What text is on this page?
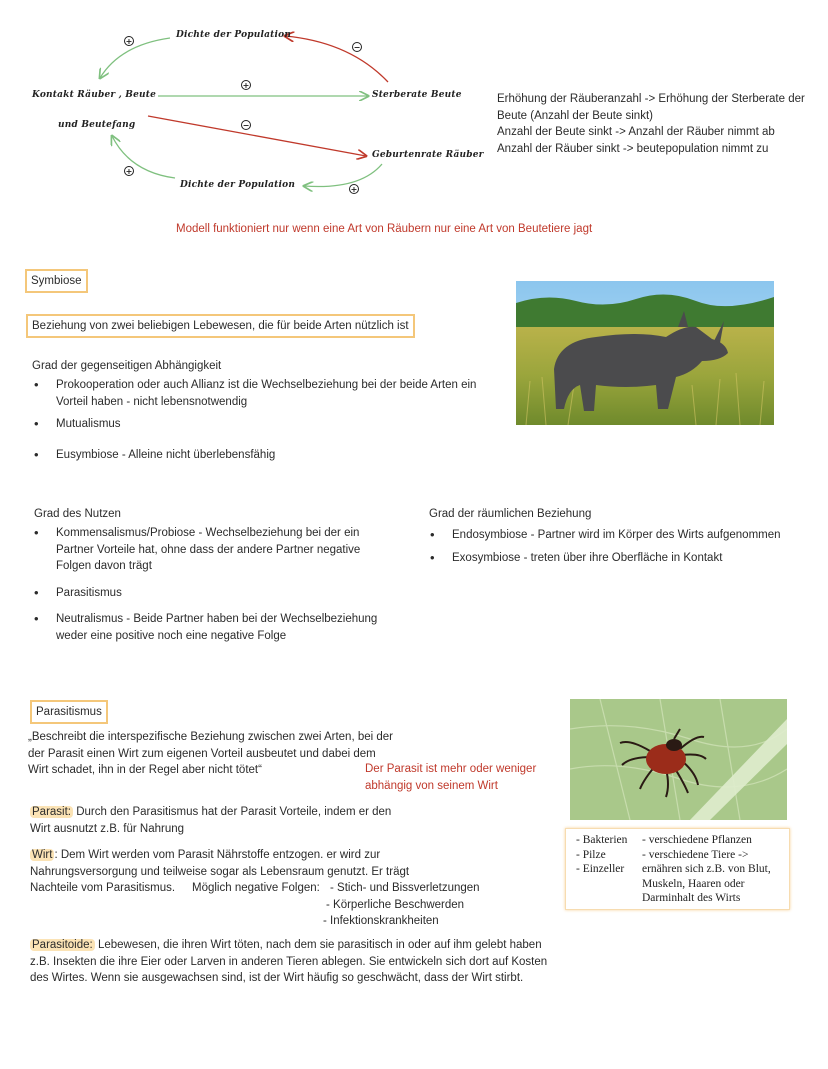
+
−
+
−
+
+
Dichte der Population
Kontakt Räuber , Beute
und Beutefang
Sterberate Beute
Geburtenrate Räuber
Dichte der Population
Erhöhung der Räuberanzahl -> Erhöhung der Sterberate der
Beute (Anzahl der Beute sinkt)
Anzahl der Beute sinkt -> Anzahl der Räuber nimmt ab
Anzahl der Räuber sinkt -> beutepopulation nimmt zu
Modell funktioniert nur wenn eine Art von Räubern nur eine Art von Beutetiere jagt
Symbiose
Beziehung von zwei beliebigen Lebewesen, die für beide Arten nützlich ist
Grad der gegenseitigen Abhängigkeit
• Prokooperation oder auch Allianz ist die Wechselbeziehung bei der beide Arten ein Vorteil haben - nicht lebensnotwendig
• Mutualismus
• Eusymbiose - Alleine nicht überlebensfähig
Grad des Nutzen
• Kommensalismus/Probiose - Wechselbeziehung bei der ein Partner Vorteile hat, ohne dass der andere Partner negative Folgen davon trägt
• Parasitismus
• Neutralismus - Beide Partner haben bei der Wechselbeziehung weder eine positive noch eine negative Folge
Grad der räumlichen Beziehung
• Endosymbiose - Partner wird im Körper des Wirts aufgenommen
• Exosymbiose - treten über ihre Oberfläche in Kontakt
Parasitismus
„Beschreibt die interspezifische Beziehung zwischen zwei Arten, bei der der Parasit einen Wirt zum eigenen Vorteil ausbeutet und dabei dem Wirt schadet, ihn in der Regel aber nicht tötet“	Der Parasit ist mehr oder weniger abhängig von seinem Wirt
Parasit: Durch den Parasitismus hat der Parasit Vorteile, indem er den Wirt ausnutzt z.B. für Nahrung
Wirt : Dem Wirt werden vom Parasit Nährstoffe entzogen. er wird zur
Nahrungsversorgung und teilweise sogar als Lebensraum genutzt. Er trägt
Nachteile vom Parasitismus.	Möglich negative Folgen: - Stich- und Bissverletzungen
- Körperliche Beschwerden
- Infektionskrankheiten
Parasitoide: Lebewesen, die ihren Wirt töten, nach dem sie parasitisch in oder auf ihm gelebt haben
z.B. Insekten die ihre Eier oder Larven in anderen Tieren ablegen. Sie entwickeln sich dort auf Kosten
des Wirtes. Wenn sie ausgewachsen sind, ist der Wirt häufig so geschwächt, dass der Wirt stirbt.
- Bakterien
- Pilze
- Einzeller
- verschiedene Pflanzen
- verschiedene Tiere ->
ernähren sich z.B. von Blut,
Muskeln, Haaren oder
Darminhalt des Wirts
